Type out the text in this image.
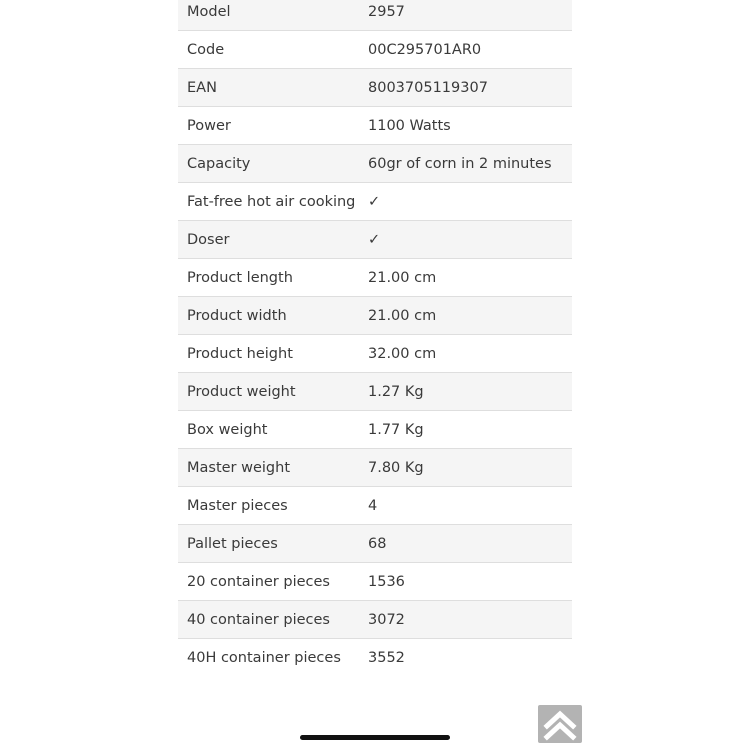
Model	2957
Code	00C295701AR0
EAN	8003705119307
Power	1100 Watts
Capacity	60gr of corn in 2 minutes
Fat-free hot air cooking ✓
Doser	✓
Product length	21.00 cm
Product width	21.00 cm
Product height	32.00 cm
Product weight	1.27 Kg
Box weight	1.77 Kg
Master weight	7.80 Kg
Master pieces	4
Pallet pieces	68
20 container pieces	1536
40 container pieces	3072
40H container pieces	3552
